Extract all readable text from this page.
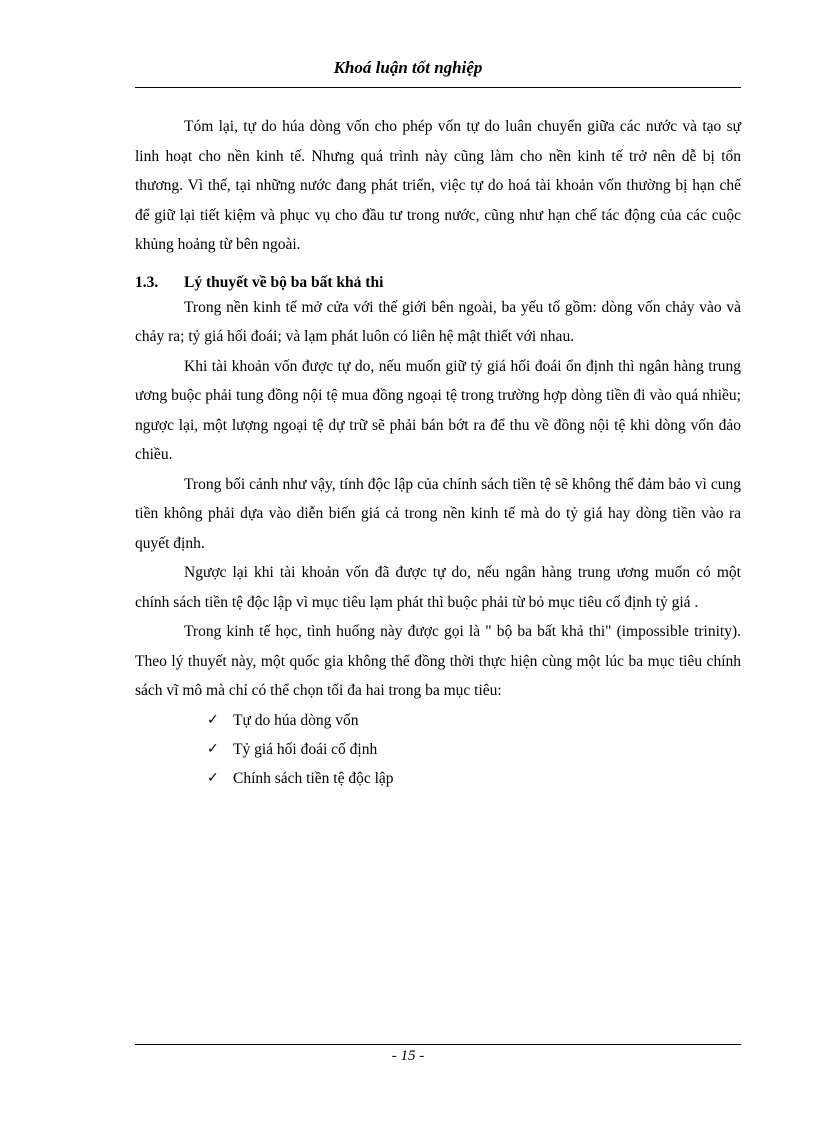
Khoá luận tốt nghiệp

Tóm lại, tự do húa dòng vốn cho phép vốn tự do luân chuyển giữa các nước và tạo sự linh hoạt cho nền kinh tế. Nhưng quá trình này cũng làm cho nền kinh tế trở nên dễ bị tổn thương. Vì thế, tại những nước đang phát triển, việc tự do hoá tài khoản vốn thường bị hạn chế để giữ lại tiết kiệm và phục vụ cho đầu tư trong nước, cũng như hạn chế tác động của các cuộc khủng hoảng từ bên ngoài.

1.3.	Lý thuyết về bộ ba bất khả thi

Trong nền kinh tế mở cửa với thế giới bên ngoài, ba yếu tố gồm: dòng vốn chảy vào và chảy ra; tỷ giá hối đoái; và lạm phát luôn có liên hệ mật thiết với nhau.

Khi tài khoản vốn được tự do, nếu muốn giữ tỷ giá hối đoái ổn định thì ngân hàng trung ương buộc phải tung đồng nội tệ mua đồng ngoại tệ trong trường hợp dòng tiền đi vào quá nhiều; ngược lại, một lượng ngoại tệ dự trữ sẽ phải bán bớt ra để thu về đồng nội tệ khi dòng vốn đảo chiều.

Trong bối cảnh như vậy, tính độc lập của chính sách tiền tệ sẽ không thể đảm bảo vì cung tiền không phải dựa vào diễn biến giá cả trong nền kinh tế mà do tỷ giá hay dòng tiền vào ra quyết định.

Ngược lại khi tài khoản vốn đã được tự do, nếu ngân hàng trung ương muốn có một chính sách tiền tệ độc lập vì mục tiêu lạm phát thì buộc phải từ bỏ mục tiêu cố định tỷ giá .

Trong kinh tế học, tình huống này được gọi là " bộ ba bất khả thi" (impossible trinity). Theo lý thuyết này, một quốc gia không thể đồng thời thực hiện cùng một lúc ba mục tiêu chính sách vĩ mô mà chỉ có thể chọn tối đa hai trong ba mục tiêu:

✓ Tự do húa dòng vốn
✓ Tỷ giá hối đoái cố định
✓ Chính sách tiền tệ độc lập
- 15 -
